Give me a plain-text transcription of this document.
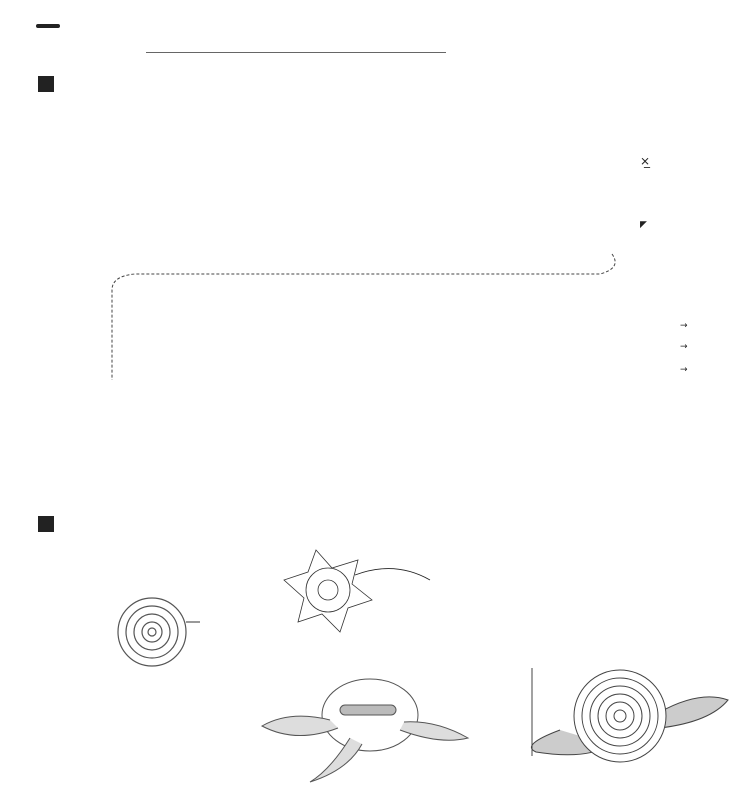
⨯̲
◤
→
→
→
